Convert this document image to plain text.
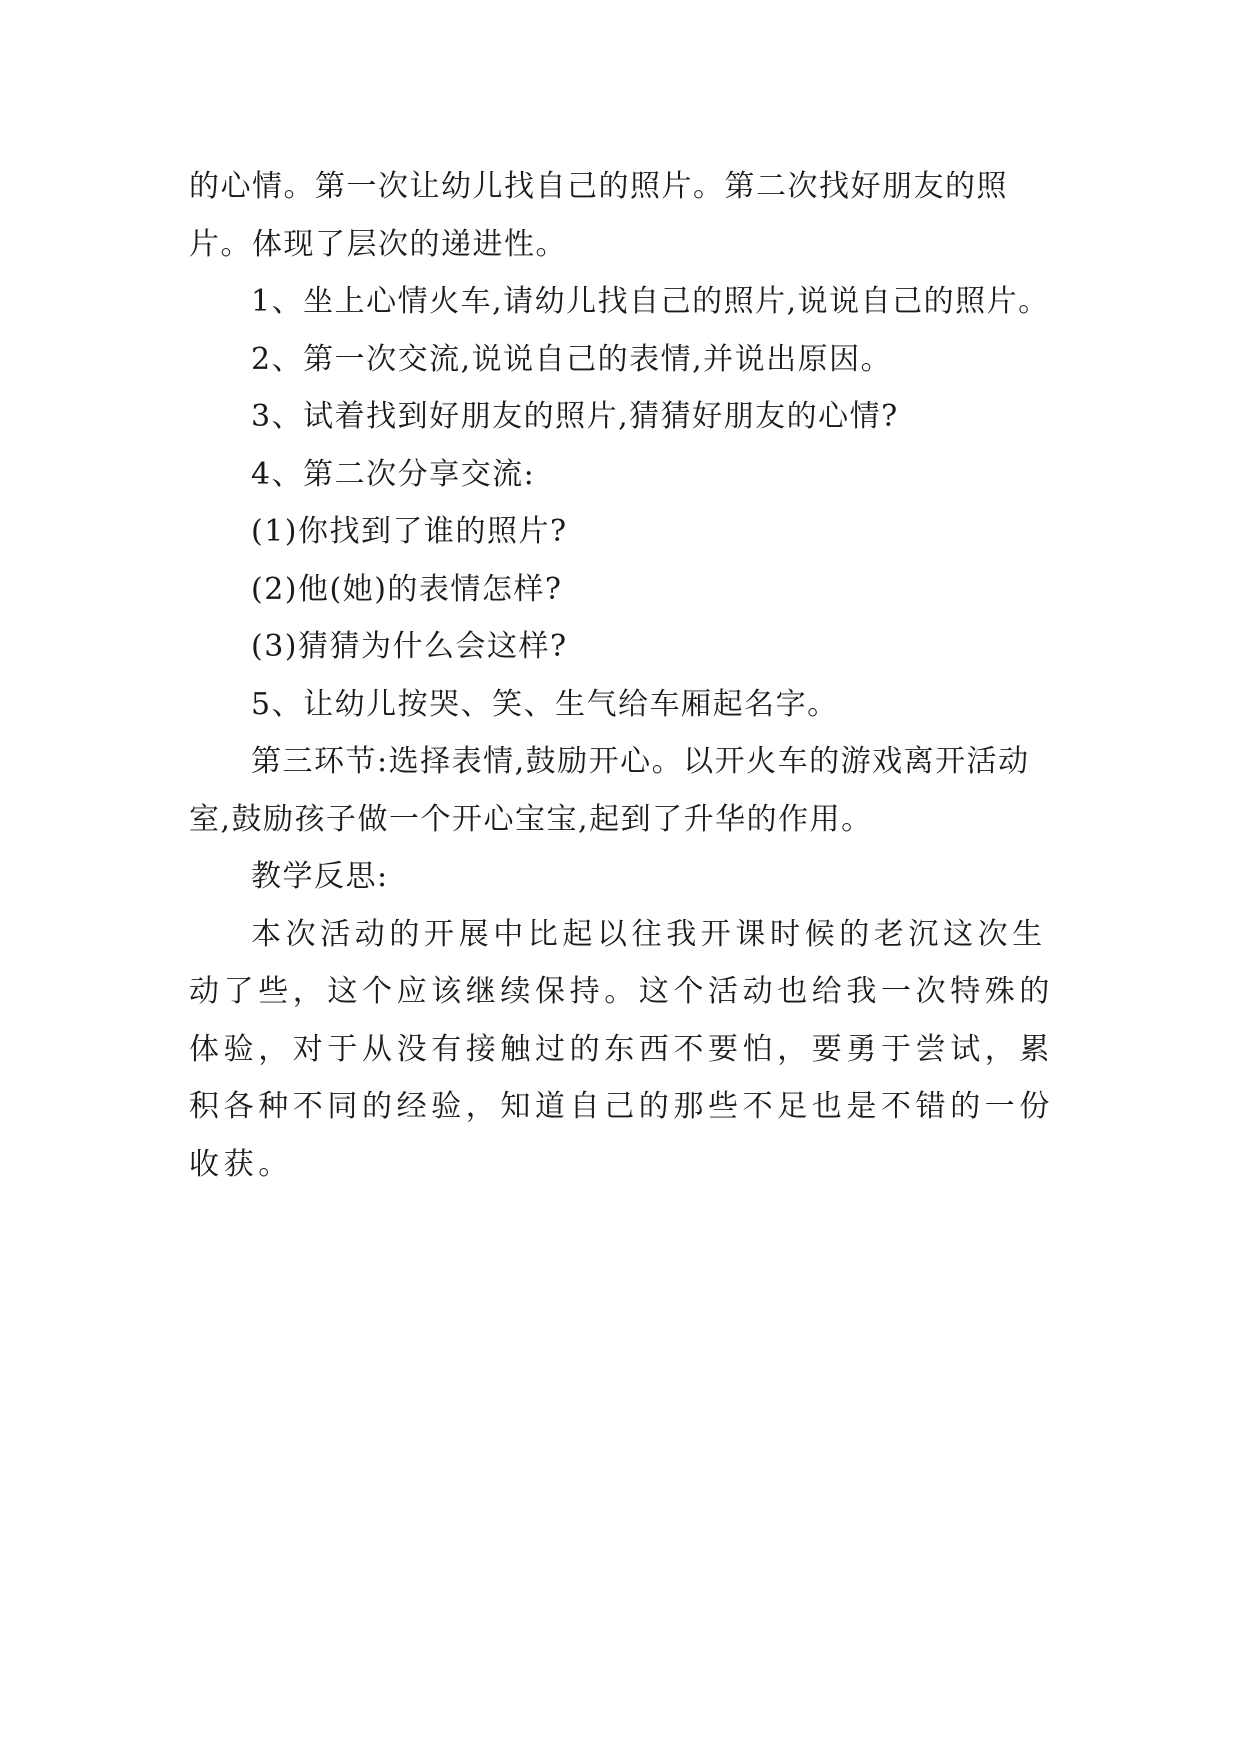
的心情。第一次让幼儿找自己的照片。第二次找好朋友的照片。体现了层次的递进性。

1、坐上心情火车,请幼儿找自己的照片,说说自己的照片。

2、第一次交流,说说自己的表情,并说出原因。

3、试着找到好朋友的照片,猜猜好朋友的心情?

4、第二次分享交流:

(1)你找到了谁的照片?

(2)他(她)的表情怎样?

(3)猜猜为什么会这样?

5、让幼儿按哭、笑、生气给车厢起名字。

第三环节:选择表情,鼓励开心。以开火车的游戏离开活动室,鼓励孩子做一个开心宝宝,起到了升华的作用。

教学反思:

本次活动的开展中比起以往我开课时候的老沉这次生动了些，这个应该继续保持。这个活动也给我一次特殊的体验，对于从没有接触过的东西不要怕，要勇于尝试，累积各种不同的经验，知道自己的那些不足也是不错的一份收获。
